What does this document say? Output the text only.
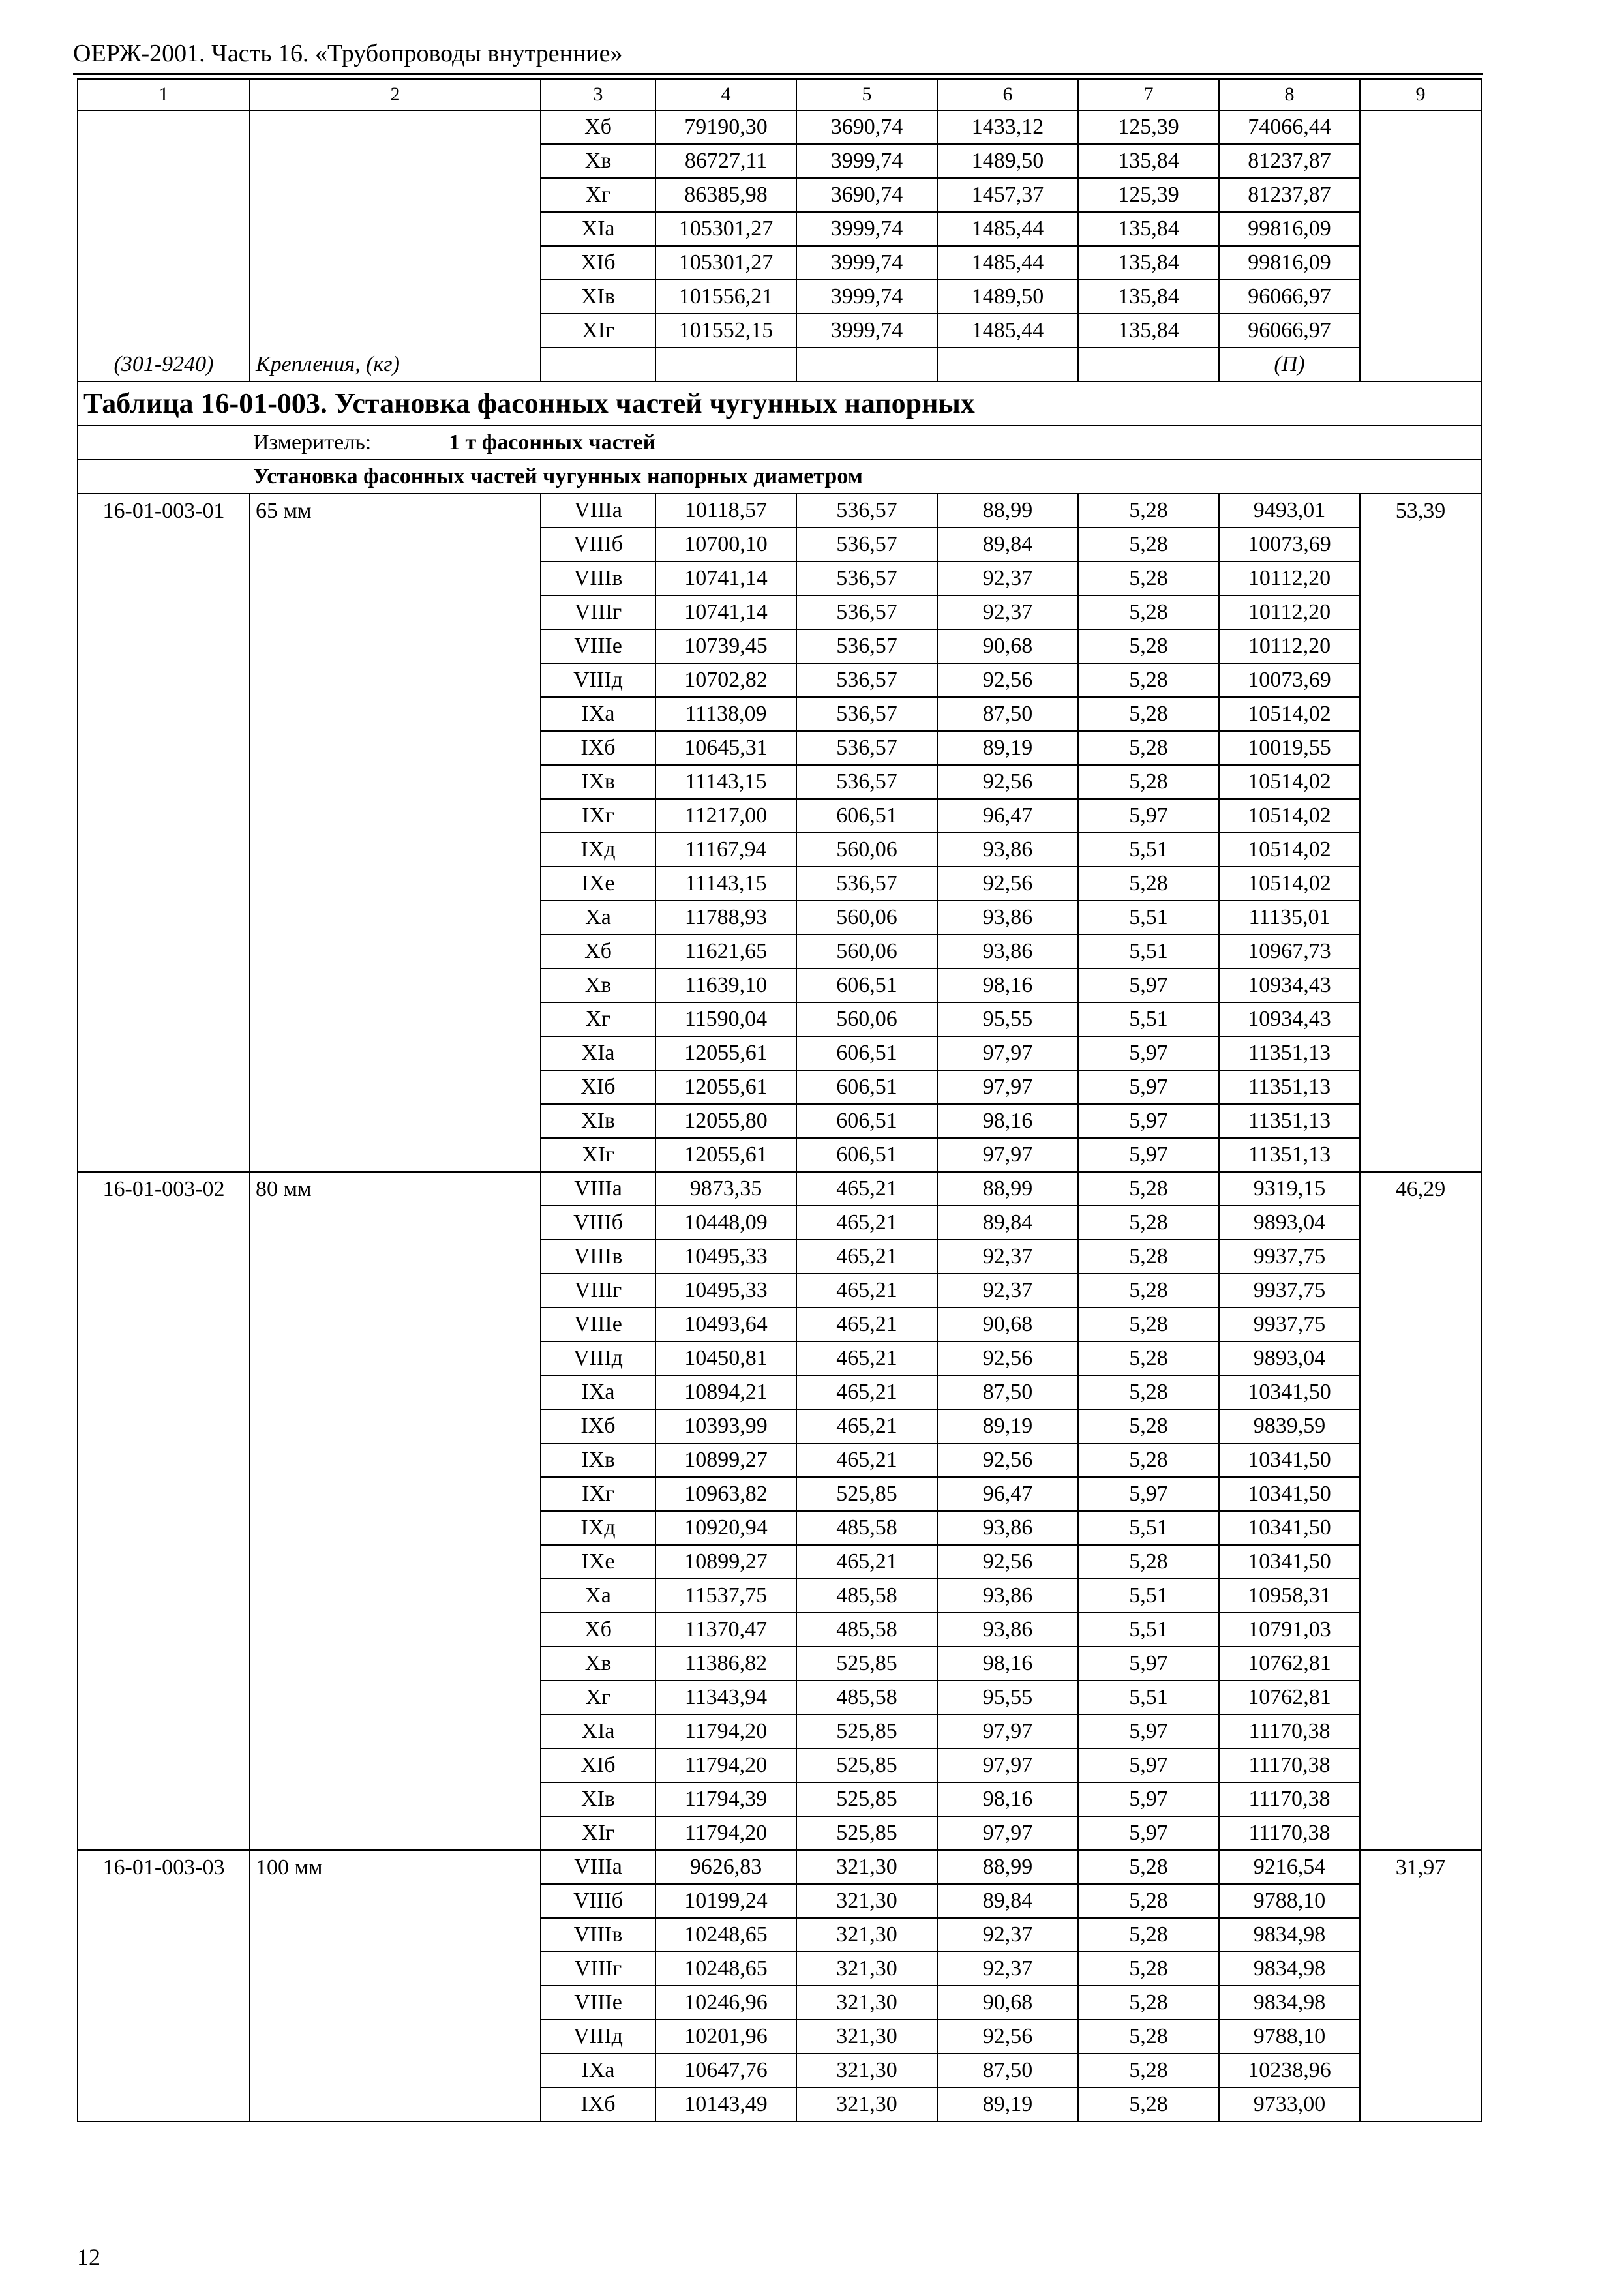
ОЕРЖ-2001. Часть 16. «Трубопроводы внутренние»
1	2	3	4	5	6	7	8	9
		Хб	79190,30	3690,74	1433,12	125,39	74066,44	
		Хв	86727,11	3999,74	1489,50	135,84	81237,87	
		Хг	86385,98	3690,74	1457,37	125,39	81237,87	
		XIа	105301,27	3999,74	1485,44	135,84	99816,09	
		XIб	105301,27	3999,74	1485,44	135,84	99816,09	
		XIв	101556,21	3999,74	1489,50	135,84	96066,97	
		XIг	101552,15	3999,74	1485,44	135,84	96066,97	
(301-9240)	Крепления, (кг)						(П)	
Таблица 16-01-003. Установка фасонных частей чугунных напорных								
Измеритель: 1 т фасонных частей								
Установка фасонных частей чугунных напорных диаметром								
16-01-003-01	65 мм	VIIIа	10118,57	536,57	88,99	5,28	9493,01	53,39
		VIIIб	10700,10	536,57	89,84	5,28	10073,69	
		VIIIв	10741,14	536,57	92,37	5,28	10112,20	
		VIIIг	10741,14	536,57	92,37	5,28	10112,20	
		VIIIе	10739,45	536,57	90,68	5,28	10112,20	
		VIIIд	10702,82	536,57	92,56	5,28	10073,69	
		IXа	11138,09	536,57	87,50	5,28	10514,02	
		IXб	10645,31	536,57	89,19	5,28	10019,55	
		IXв	11143,15	536,57	92,56	5,28	10514,02	
		IXг	11217,00	606,51	96,47	5,97	10514,02	
		IXд	11167,94	560,06	93,86	5,51	10514,02	
		IXе	11143,15	536,57	92,56	5,28	10514,02	
		Ха	11788,93	560,06	93,86	5,51	11135,01	
		Хб	11621,65	560,06	93,86	5,51	10967,73	
		Хв	11639,10	606,51	98,16	5,97	10934,43	
		Хг	11590,04	560,06	95,55	5,51	10934,43	
		XIа	12055,61	606,51	97,97	5,97	11351,13	
		XIб	12055,61	606,51	97,97	5,97	11351,13	
		XIв	12055,80	606,51	98,16	5,97	11351,13	
		XIг	12055,61	606,51	97,97	5,97	11351,13	
16-01-003-02	80 мм	VIIIа	9873,35	465,21	88,99	5,28	9319,15	46,29
		VIIIб	10448,09	465,21	89,84	5,28	9893,04	
		VIIIв	10495,33	465,21	92,37	5,28	9937,75	
		VIIIг	10495,33	465,21	92,37	5,28	9937,75	
		VIIIе	10493,64	465,21	90,68	5,28	9937,75	
		VIIIд	10450,81	465,21	92,56	5,28	9893,04	
		IXа	10894,21	465,21	87,50	5,28	10341,50	
		IXб	10393,99	465,21	89,19	5,28	9839,59	
		IXв	10899,27	465,21	92,56	5,28	10341,50	
		IXг	10963,82	525,85	96,47	5,97	10341,50	
		IXд	10920,94	485,58	93,86	5,51	10341,50	
		IXе	10899,27	465,21	92,56	5,28	10341,50	
		Ха	11537,75	485,58	93,86	5,51	10958,31	
		Хб	11370,47	485,58	93,86	5,51	10791,03	
		Хв	11386,82	525,85	98,16	5,97	10762,81	
		Хг	11343,94	485,58	95,55	5,51	10762,81	
		XIа	11794,20	525,85	97,97	5,97	11170,38	
		XIб	11794,20	525,85	97,97	5,97	11170,38	
		XIв	11794,39	525,85	98,16	5,97	11170,38	
		XIг	11794,20	525,85	97,97	5,97	11170,38	
16-01-003-03	100 мм	VIIIа	9626,83	321,30	88,99	5,28	9216,54	31,97
		VIIIб	10199,24	321,30	89,84	5,28	9788,10	
		VIIIв	10248,65	321,30	92,37	5,28	9834,98	
		VIIIг	10248,65	321,30	92,37	5,28	9834,98	
		VIIIе	10246,96	321,30	90,68	5,28	9834,98	
		VIIIд	10201,96	321,30	92,56	5,28	9788,10	
		IXа	10647,76	321,30	87,50	5,28	10238,96	
		IXб	10143,49	321,30	89,19	5,28	9733,00	
12
